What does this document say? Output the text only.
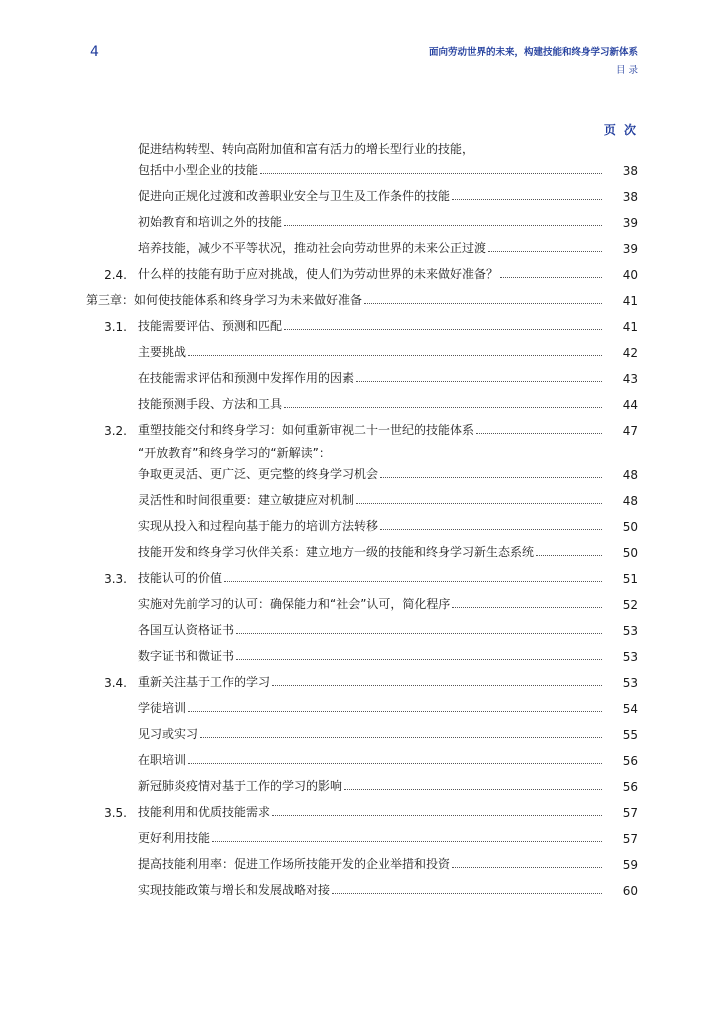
4	面向劳动世界的未来，构建技能和终身学习新体系
目 录
页 次
促进结构转型、转向高附加值和富有活力的增长型行业的技能，
包括中小型企业的技能	38
促进向正规化过渡和改善职业安全与卫生及工作条件的技能	38
初始教育和培训之外的技能	39
培养技能，减少不平等状况，推动社会向劳动世界的未来公正过渡	39
2.4. 什么样的技能有助于应对挑战，使人们为劳动世界的未来做好准备？	40
第三章：如何使技能体系和终身学习为未来做好准备	41
3.1. 技能需要评估、预测和匹配	41
主要挑战	42
在技能需求评估和预测中发挥作用的因素	43
技能预测手段、方法和工具	44
3.2. 重塑技能交付和终身学习：如何重新审视二十一世纪的技能体系	47
“开放教育”和终身学习的“新解读”：
争取更灵活、更广泛、更完整的终身学习机会	48
灵活性和时间很重要：建立敏捷应对机制	48
实现从投入和过程向基于能力的培训方法转移	50
技能开发和终身学习伙伴关系：建立地方一级的技能和终身学习新生态系统	50
3.3. 技能认可的价值	51
实施对先前学习的认可：确保能力和“社会”认可，简化程序	52
各国互认资格证书	53
数字证书和微证书	53
3.4. 重新关注基于工作的学习	53
学徒培训	54
见习或实习	55
在职培训	56
新冠肺炎疫情对基于工作的学习的影响	56
3.5. 技能利用和优质技能需求	57
更好利用技能	57
提高技能利用率：促进工作场所技能开发的企业举措和投资	59
实现技能政策与增长和发展战略对接	60
